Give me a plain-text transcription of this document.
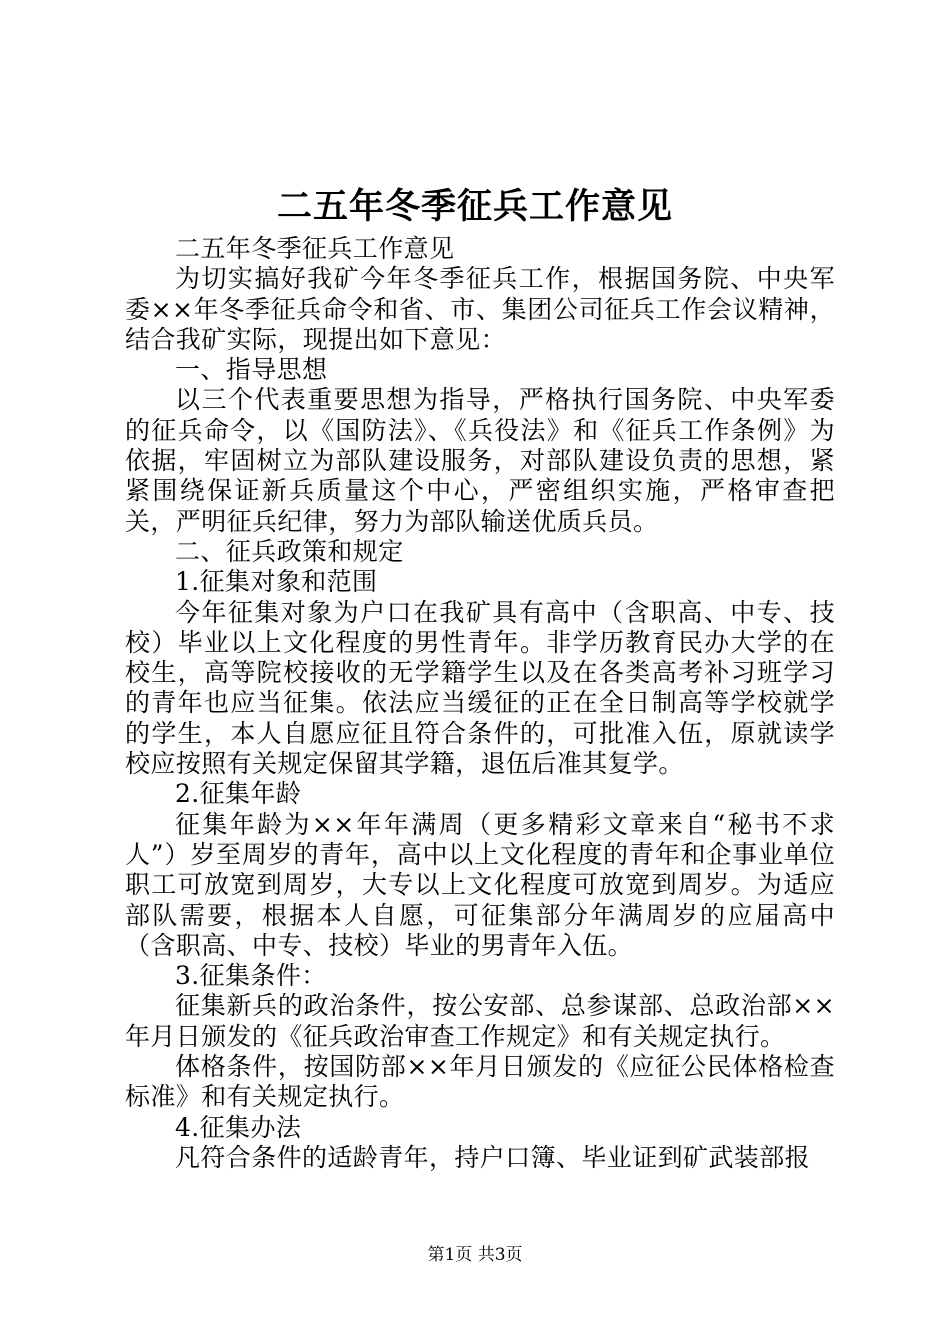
二五年冬季征兵工作意见

二五年冬季征兵工作意见

为切实搞好我矿今年冬季征兵工作，根据国务院、中央军委××年冬季征兵命令和省、市、集团公司征兵工作会议精神，结合我矿实际，现提出如下意见：

一、指导思想

以三个代表重要思想为指导，严格执行国务院、中央军委的征兵命令，以《国防法》、《兵役法》和《征兵工作条例》为依据，牢固树立为部队建设服务，对部队建设负责的思想，紧紧围绕保证新兵质量这个中心，严密组织实施，严格审查把关，严明征兵纪律，努力为部队输送优质兵员。

二、征兵政策和规定

1.征集对象和范围

今年征集对象为户口在我矿具有高中（含职高、中专、技校）毕业以上文化程度的男性青年。非学历教育民办大学的在校生，高等院校接收的无学籍学生以及在各类高考补习班学习的青年也应当征集。依法应当缓征的正在全日制高等学校就学的学生，本人自愿应征且符合条件的，可批准入伍，原就读学校应按照有关规定保留其学籍，退伍后准其复学。

2.征集年龄

征集年龄为××年年满周（更多精彩文章来自“秘书不求人”）岁至周岁的青年，高中以上文化程度的青年和企事业单位职工可放宽到周岁，大专以上文化程度可放宽到周岁。为适应部队需要，根据本人自愿，可征集部分年满周岁的应届高中（含职高、中专、技校）毕业的男青年入伍。

3.征集条件：

征集新兵的政治条件，按公安部、总参谋部、总政治部××年月日颁发的《征兵政治审查工作规定》和有关规定执行。

体格条件，按国防部××年月日颁发的《应征公民体格检查标准》和有关规定执行。

4.征集办法

凡符合条件的适龄青年，持户口簿、毕业证到矿武装部报

第1页 共3页
